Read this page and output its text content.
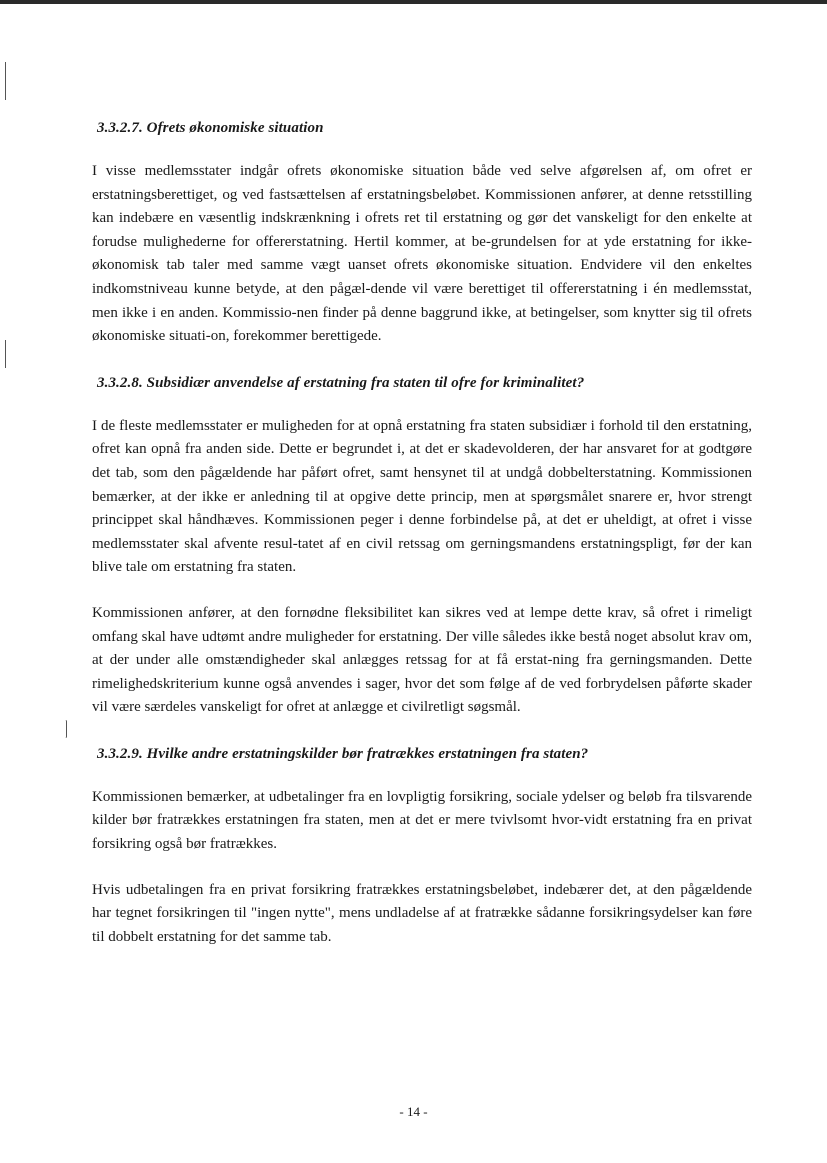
3.3.2.7. Ofrets økonomiske situation

I visse medlemsstater indgår ofrets økonomiske situation både ved selve afgørelsen af, om ofret er erstatningsberettiget, og ved fastsættelsen af erstatningsbeløbet. Kommissionen anfører, at denne retsstilling kan indebære en væsentlig indskrænkning i ofrets ret til erstatning og gør det vanskeligt for den enkelte at forudse mulighederne for offererstatning. Hertil kommer, at be-grundelsen for at yde erstatning for ikke-økonomisk tab taler med samme vægt uanset ofrets økonomiske situation. Endvidere vil den enkeltes indkomstniveau kunne betyde, at den pågæl-dende vil være berettiget til offererstatning i én medlemsstat, men ikke i en anden. Kommissio-nen finder på denne baggrund ikke, at betingelser, som knytter sig til ofrets økonomiske situati-on, forekommer berettigede.

3.3.2.8. Subsidiær anvendelse af erstatning fra staten til ofre for kriminalitet?

I de fleste medlemsstater er muligheden for at opnå erstatning fra staten subsidiær i forhold til den erstatning, ofret kan opnå fra anden side. Dette er begrundet i, at det er skadevolderen, der har ansvaret for at godtgøre det tab, som den pågældende har påført ofret, samt hensynet til at undgå dobbelterstatning. Kommissionen bemærker, at der ikke er anledning til at opgive dette princip, men at spørgsmålet snarere er, hvor strengt princippet skal håndhæves. Kommissionen peger i denne forbindelse på, at det er uheldigt, at ofret i visse medlemsstater skal afvente resul-tatet af en civil retssag om gerningsmandens erstatningspligt, før der kan blive tale om erstatning fra staten.

Kommissionen anfører, at den fornødne fleksibilitet kan sikres ved at lempe dette krav, så ofret i rimeligt omfang skal have udtømt andre muligheder for erstatning. Der ville således ikke bestå noget absolut krav om, at der under alle omstændigheder skal anlægges retssag for at få erstat-ning fra gerningsmanden. Dette rimelighedskriterium kunne også anvendes i sager, hvor det som følge af de ved forbrydelsen påførte skader vil være særdeles vanskeligt for ofret at anlægge et civilretligt søgsmål.

3.3.2.9. Hvilke andre erstatningskilder bør fratrækkes erstatningen fra staten?

Kommissionen bemærker, at udbetalinger fra en lovpligtig forsikring, sociale ydelser og beløb fra tilsvarende kilder bør fratrækkes erstatningen fra staten, men at det er mere tvivlsomt hvor-vidt erstatning fra en privat forsikring også bør fratrækkes.

Hvis udbetalingen fra en privat forsikring fratrækkes erstatningsbeløbet, indebærer det, at den pågældende har tegnet forsikringen til "ingen nytte", mens undladelse af at fratrække sådanne forsikringsydelser kan føre til dobbelt erstatning for det samme tab.

- 14 -
